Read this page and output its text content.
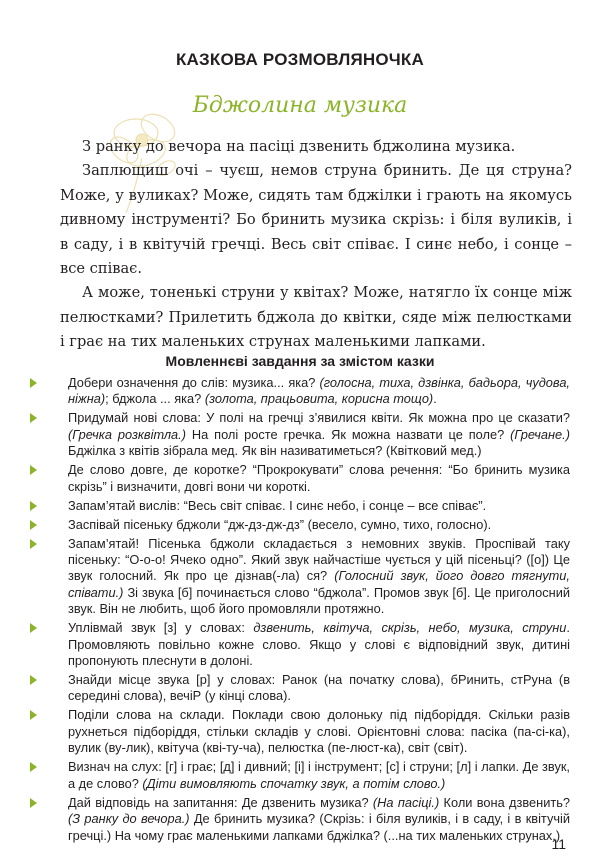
КАЗКОВА РОЗМОВЛЯНОЧКА
Бджолина музика

З ранку до вечора на пасіці дзвенить бджолина музика.

Заплющиш очі – чуєш, немов струна бринить. Де ця струна? Може, у вуликах? Може, сидять там бджілки і грають на якомусь дивному інструменті? Бо бринить музика скрізь: і біля вуликів, і в саду, і в квітучій гречці. Весь світ співає. І синє небо, і сонце – все співає.

А може, тоненькі струни у квітах? Може, натягло їх сонце між пелюстками? Прилетить бджола до квітки, сяде між пелюстками і грає на тих маленьких струнах маленькими лапками.

Мовленнєві завдання за змістом казки
Добери означення до слів: музика... яка? (голосна, тиха, дзвінка, бадьора, чудова, ніжна); бджола ... яка? (золота, працьовита, корисна тощо).
Придумай нові слова: У полі на гречці з’явилися квіти. Як можна про це сказати? (Гречка розквітла.) На полі росте гречка. Як можна назвати це поле? (Гречане.) Бджілка з квітів зібрала мед. Як він називатиметься? (Квітковий мед.)
Де слово довге, де коротке? “Прокрокувати” слова речення: “Бо бринить музика скрізь” і визначити, довгі вони чи короткі.
Запам’ятай вислів: “Весь світ співає. І синє небо, і сонце – все співає”.
Заспівай пісеньку бджоли “дж-дз-дж-дз” (весело, сумно, тихо, голосно).
Запам’ятай! Пісенька бджоли складається з немовних звуків. Проспівай таку пісеньку: “О-о-о! Ячеко одно”. Який звук найчастіше чується у цій пісеньці? ([о]) Це звук голосний. Як про це дізнав(-ла) ся? (Голосний звук, його довго тягнути, співати.) Зі звука [б] починається слово “бджола”. Промов звук [б]. Це приголосний звук. Він не любить, щоб його промовляли протяжно.
Уплівмай звук [з] у словах: дзвенить, квітуча, скрізь, небо, музика, струни. Промовляють повільно кожне слово. Якщо у слові є відповідний звук, дитині пропонують плеснути в долоні.
Знайди місце звука [р] у словах: Ранок (на початку слова), бРинить, стРуна (в середині слова), вечіР (у кінці слова).
Поділи слова на склади. Поклади свою долоньку під підборіддя. Скільки разів рухнеться підборіддя, стільки складів у слові. Орієнтовні слова: пасіка (па-сі-ка), вулик (ву-лик), квітуча (кві-ту-ча), пелюстка (пе-люст-ка), світ (світ).
Визнач на слух: [г] і грає; [д] і дивний; [і] і інструмент; [с] і струни; [л] і лапки. Де звук, а де слово? (Діти вимовляють спочатку звук, а потім слово.)
Дай відповідь на запитання: Де дзвенить музика? (На пасіці.) Коли вона дзвенить? (З ранку до вечора.) Де бринить музика? (Скрізь: і біля вуликів, і в саду, і в квітучій гречці.) На чому грає маленькими лапками бджілка? (...на тих маленьких струнах.)
11
